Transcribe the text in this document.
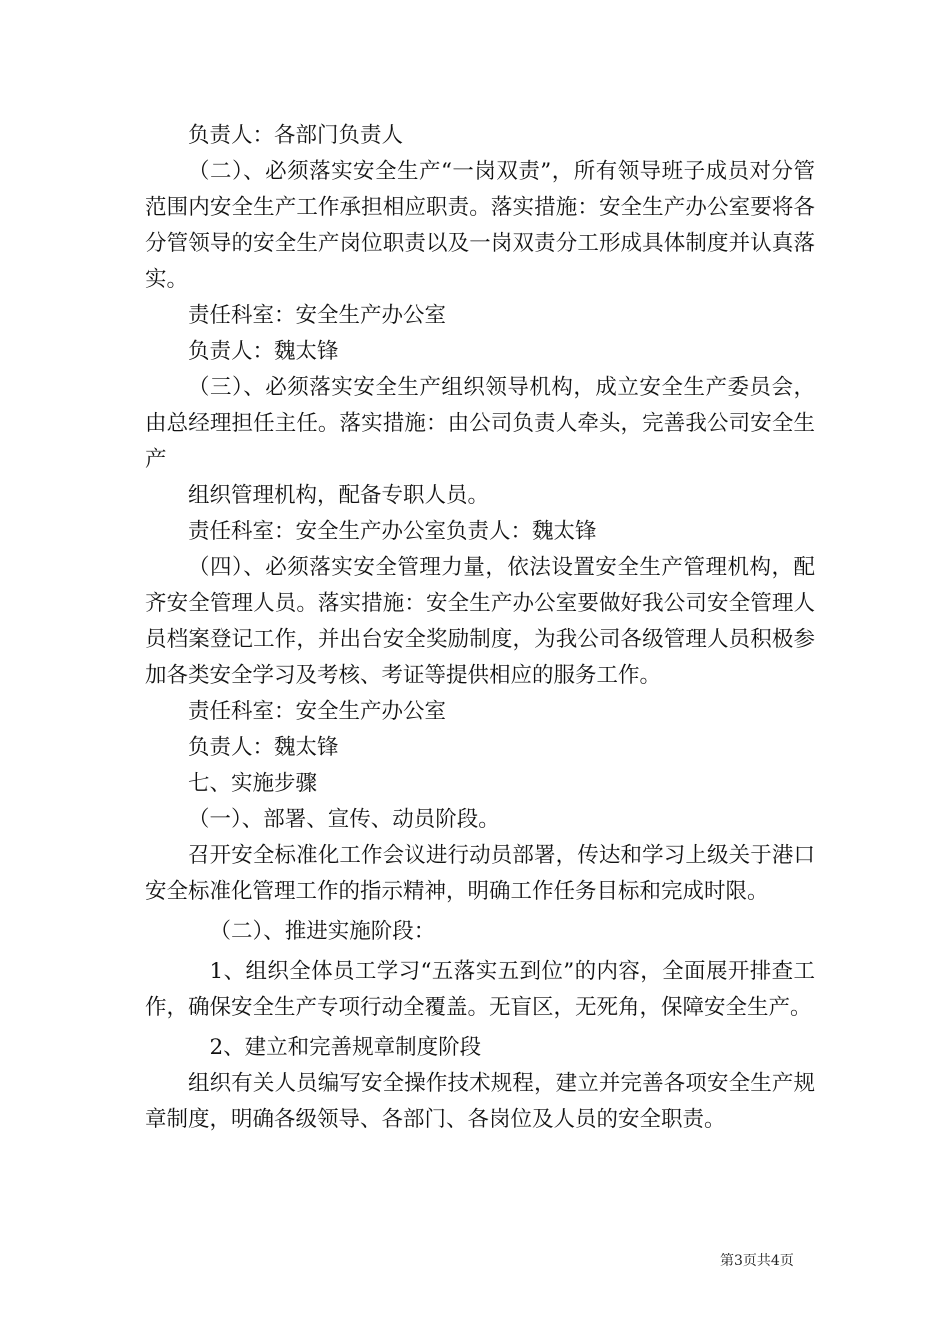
负责人：各部门负责人

（二）、必须落实安全生产“一岗双责”，所有领导班子成员对分管范围内安全生产工作承担相应职责。落实措施：安全生产办公室要将各分管领导的安全生产岗位职责以及一岗双责分工形成具体制度并认真落实。

责任科室：安全生产办公室

负责人：魏太锋

（三）、必须落实安全生产组织领导机构，成立安全生产委员会，由总经理担任主任。落实措施：由公司负责人牵头，完善我公司安全生产

组织管理机构，配备专职人员。

责任科室：安全生产办公室负责人：魏太锋

（四）、必须落实安全管理力量，依法设置安全生产管理机构，配齐安全管理人员。落实措施：安全生产办公室要做好我公司安全管理人员档案登记工作，并出台安全奖励制度，为我公司各级管理人员积极参加各类安全学习及考核、考证等提供相应的服务工作。

责任科室：安全生产办公室

负责人：魏太锋

七、实施步骤

（一）、部署、宣传、动员阶段。

召开安全标准化工作会议进行动员部署，传达和学习上级关于港口安全标准化管理工作的指示精神，明确工作任务目标和完成时限。

（二）、推进实施阶段：

1、组织全体员工学习“五落实五到位”的内容，全面展开排查工作，确保安全生产专项行动全覆盖。无盲区，无死角，保障安全生产。

2、建立和完善规章制度阶段

组织有关人员编写安全操作技术规程，建立并完善各项安全生产规章制度，明确各级领导、各部门、各岗位及人员的安全职责。

第3页共4页
